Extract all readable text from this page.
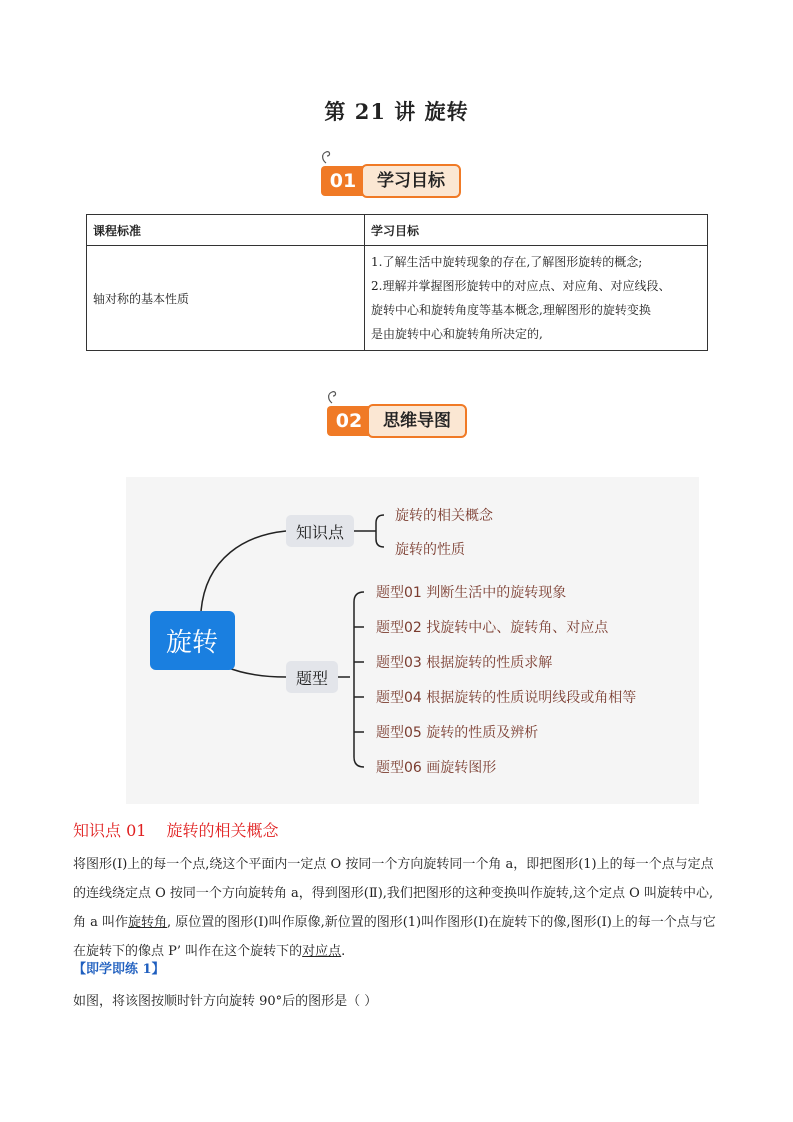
第 21 讲 旋转
01	学习目标
课程标准	学习目标
轴对称的基本性质	1.了解生活中旋转现象的存在,了解图形旋转的概念;
2.理解并掌握图形旋转中的对应点、对应角、对应线段、
旋转中心和旋转角度等基本概念,理解图形的旋转变换
是由旋转中心和旋转角所决定的,
02	思维导图
旋转
知识点
旋转的相关概念
旋转的性质
题型
题型01 判断生活中的旋转现象
题型02 找旋转中心、旋转角、对应点
题型03 根据旋转的性质求解
题型04 根据旋转的性质说明线段或角相等
题型05 旋转的性质及辨析
题型06 画旋转图形
知识点 01 旋转的相关概念
将图形(I)上的每一个点,绕这个平面内一定点 O 按同一个方向旋转同一个角 a，即把图形(1)上的每一个点与定点的连线绕定点 O 按同一个方向旋转角 a，得到图形(Ⅱ),我们把图形的这种变换叫作旋转,这个定点 O 叫旋转中心,角 a 叫作旋转角, 原位置的图形(I)叫作原像,新位置的图形(1)叫作图形(I)在旋转下的像,图形(I)上的每一个点与它在旋转下的像点 P’ 叫作在这个旋转下的对应点.
【即学即练 1】
如图，将该图按顺时针方向旋转 90°后的图形是（ ）
